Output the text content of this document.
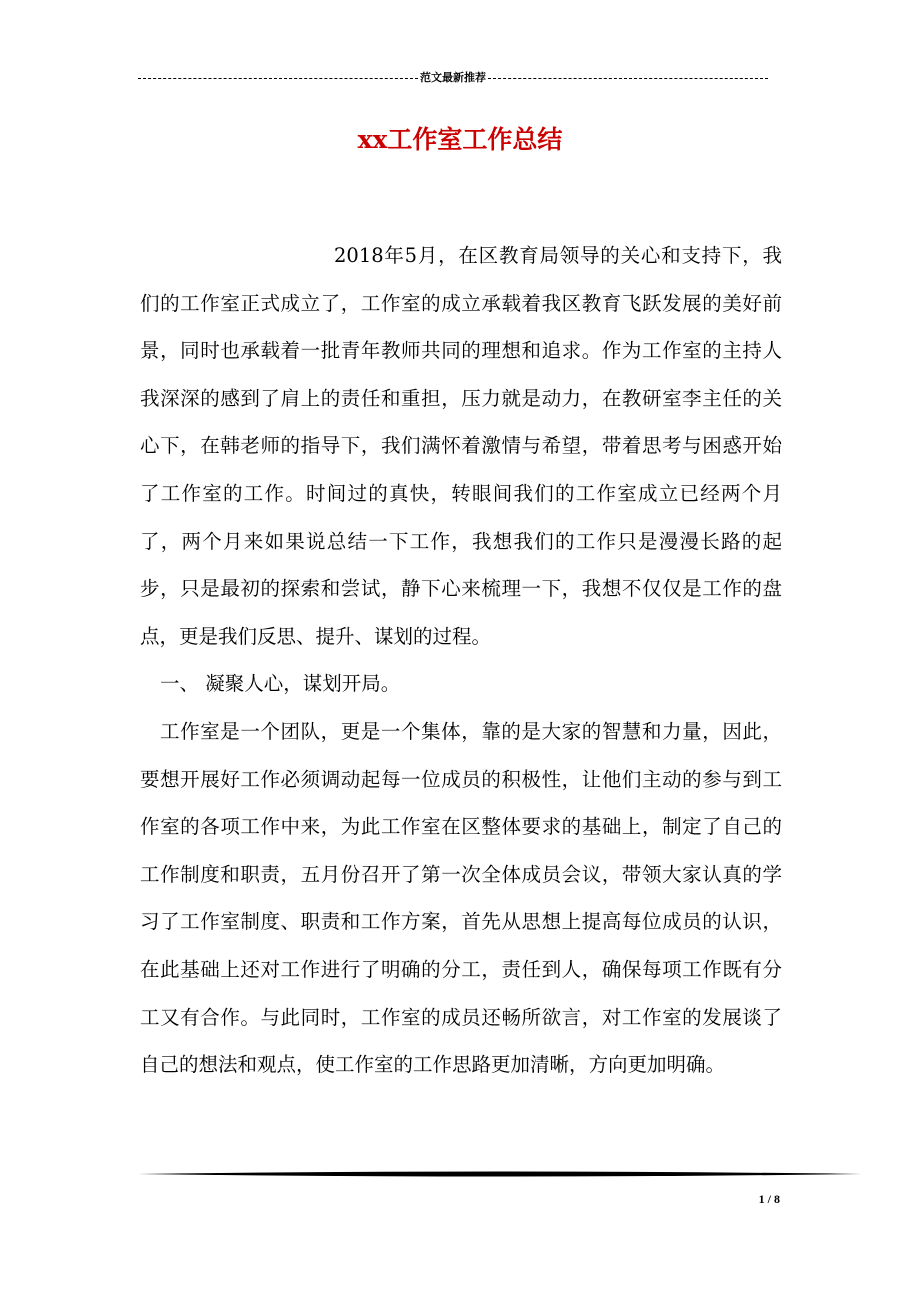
范文最新推荐
xx工作室工作总结

2018年5月，在区教育局领导的关心和支持下，我们的工作室正式成立了，工作室的成立承载着我区教育飞跃发展的美好前景，同时也承载着一批青年教师共同的理想和追求。作为工作室的主持人我深深的感到了肩上的责任和重担，压力就是动力，在教研室李主任的关心下，在韩老师的指导下，我们满怀着激情与希望，带着思考与困惑开始了工作室的工作。时间过的真快，转眼间我们的工作室成立已经两个月了，两个月来如果说总结一下工作，我想我们的工作只是漫漫长路的起步，只是最初的探索和尝试，静下心来梳理一下，我想不仅仅是工作的盘点，更是我们反思、提升、谋划的过程。

一、 凝聚人心，谋划开局。

工作室是一个团队，更是一个集体，靠的是大家的智慧和力量，因此，要想开展好工作必须调动起每一位成员的积极性，让他们主动的参与到工作室的各项工作中来，为此工作室在区整体要求的基础上，制定了自己的工作制度和职责，五月份召开了第一次全体成员会议，带领大家认真的学习了工作室制度、职责和工作方案，首先从思想上提高每位成员的认识，在此基础上还对工作进行了明确的分工，责任到人，确保每项工作既有分工又有合作。与此同时，工作室的成员还畅所欲言，对工作室的发展谈了自己的想法和观点，使工作室的工作思路更加清晰，方向更加明确。

1 / 8
